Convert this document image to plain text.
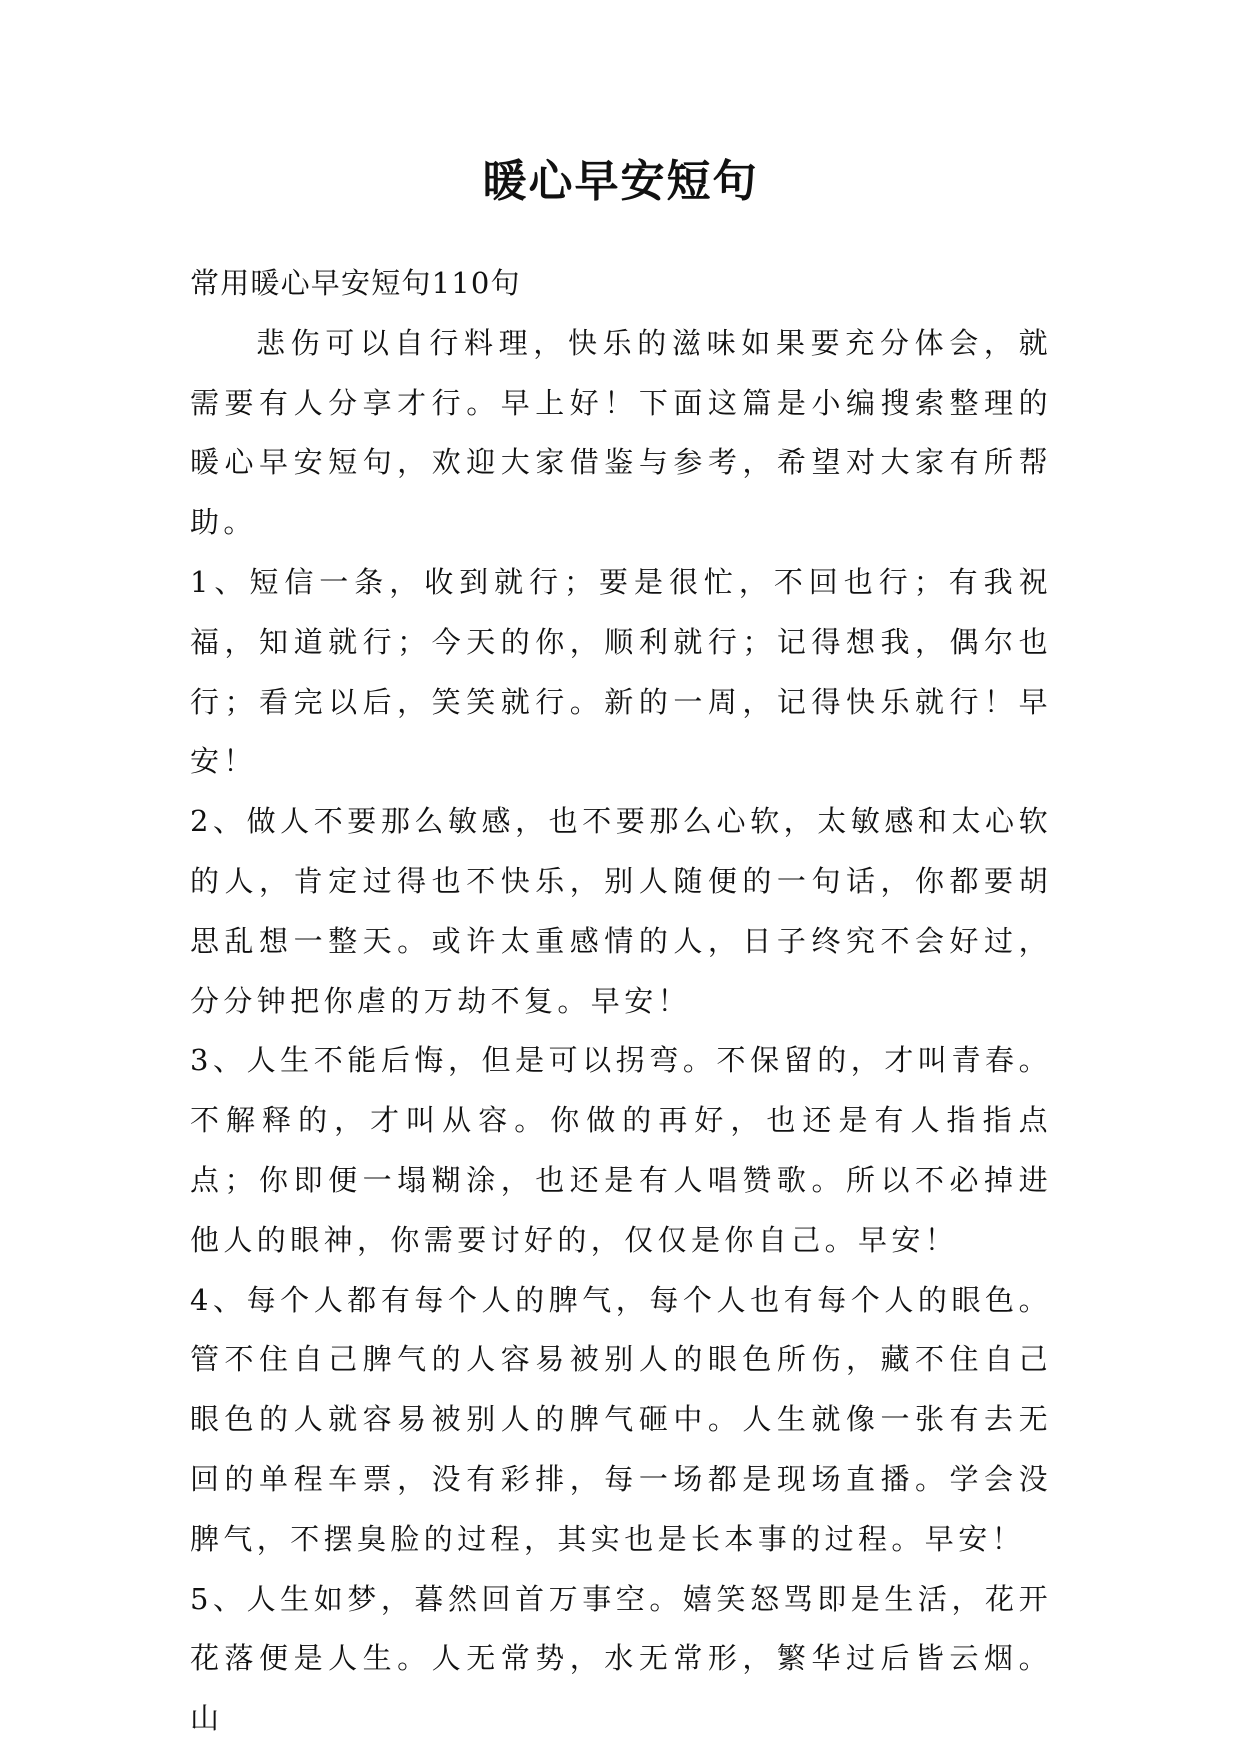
暖心早安短句

常用暖心早安短句110句

悲伤可以自行料理，快乐的滋味如果要充分体会，就需要有人分享才行。早上好！下面这篇是小编搜索整理的暖心早安短句，欢迎大家借鉴与参考，希望对大家有所帮助。

1、短信一条，收到就行；要是很忙，不回也行；有我祝福，知道就行；今天的你，顺利就行；记得想我，偶尔也行；看完以后，笑笑就行。新的一周，记得快乐就行！早安！

2、做人不要那么敏感，也不要那么心软，太敏感和太心软的人，肯定过得也不快乐，别人随便的一句话，你都要胡思乱想一整天。或许太重感情的人，日子终究不会好过，分分钟把你虐的万劫不复。早安！

3、人生不能后悔，但是可以拐弯。不保留的，才叫青春。不解释的，才叫从容。你做的再好，也还是有人指指点点；你即便一塌糊涂，也还是有人唱赞歌。所以不必掉进他人的眼神，你需要讨好的，仅仅是你自己。早安！

4、每个人都有每个人的脾气，每个人也有每个人的眼色。管不住自己脾气的人容易被别人的眼色所伤，藏不住自己眼色的人就容易被别人的脾气砸中。人生就像一张有去无回的单程车票，没有彩排，每一场都是现场直播。学会没脾气，不摆臭脸的过程，其实也是长本事的过程。早安！

5、人生如梦，暮然回首万事空。嬉笑怒骂即是生活，花开花落便是人生。人无常势，水无常形，繁华过后皆云烟。山
